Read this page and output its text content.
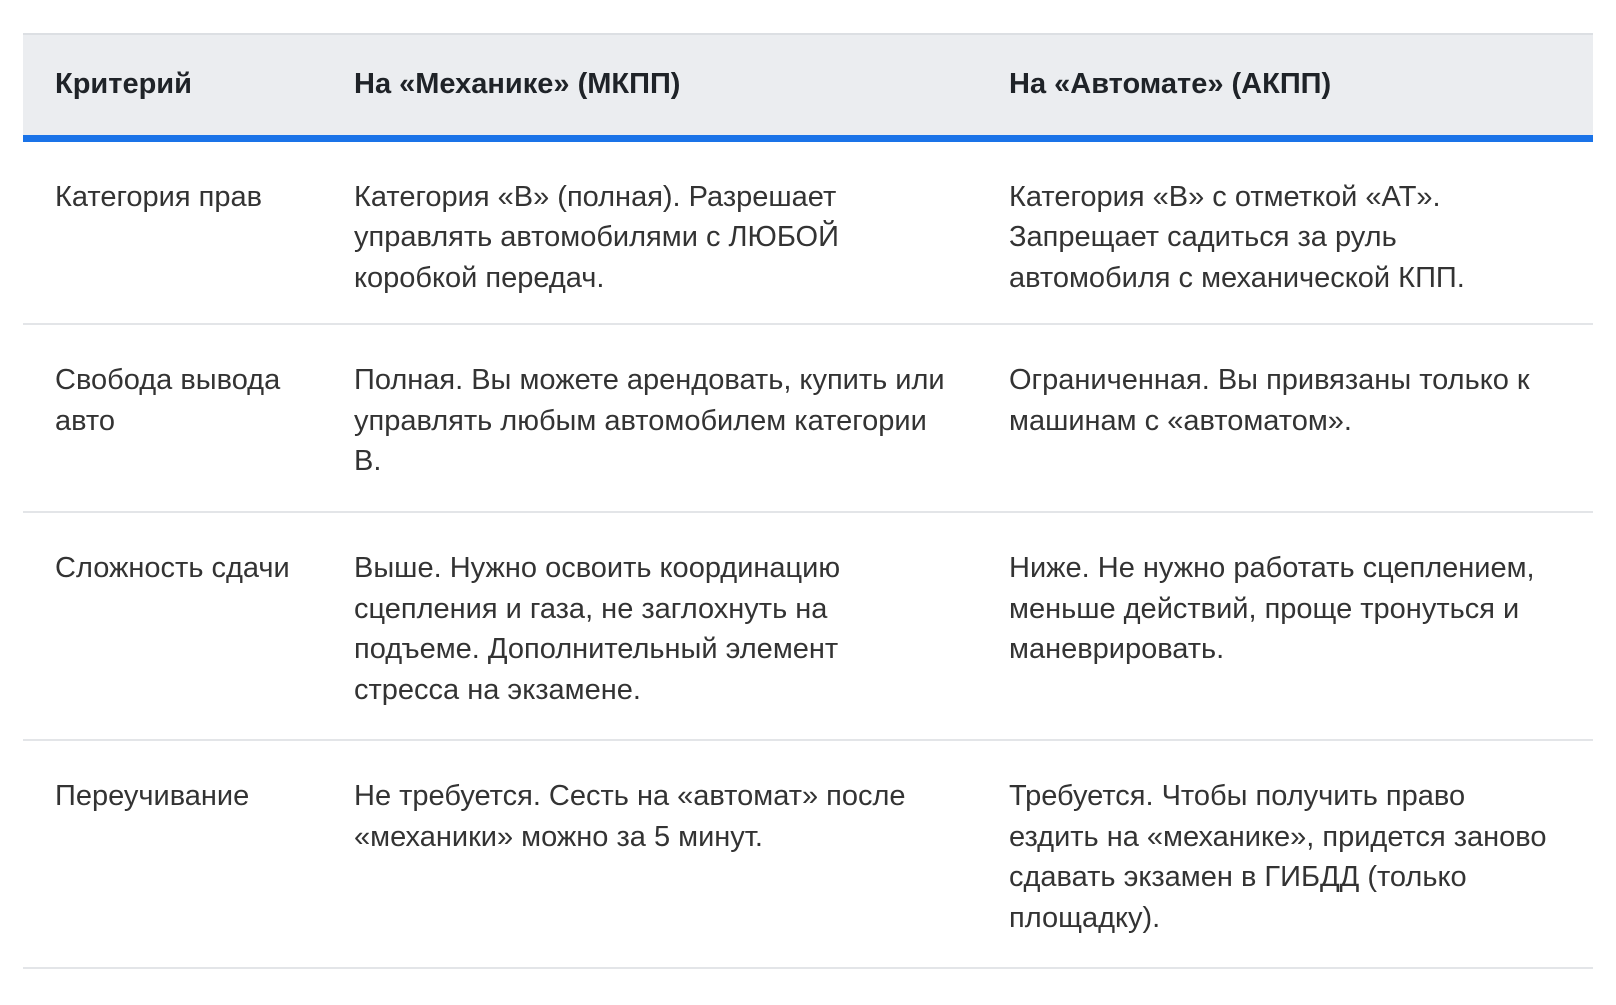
Критерий	На «Механике» (МКПП)	На «Автомате» (АКПП)
Категория прав	Категория «B» (полная). Разрешает управлять автомобилями с ЛЮБОЙ коробкой передач.	Категория «B» с отметкой «AT». Запрещает садиться за руль автомобиля с механической КПП.
Свобода вывода авто	Полная. Вы можете арендовать, купить или управлять любым автомобилем категории B.	Ограниченная. Вы привязаны только к машинам с «автоматом».
Сложность сдачи	Выше. Нужно освоить координацию сцепления и газа, не заглохнуть на подъеме. Дополнительный элемент стресса на экзамене.	Ниже. Не нужно работать сцеплением, меньше действий, проще тронуться и маневрировать.
Переучивание	Не требуется. Сесть на «автомат» после «механики» можно за 5 минут.	Требуется. Чтобы получить право ездить на «механике», придется заново сдавать экзамен в ГИБДД (только площадку).
